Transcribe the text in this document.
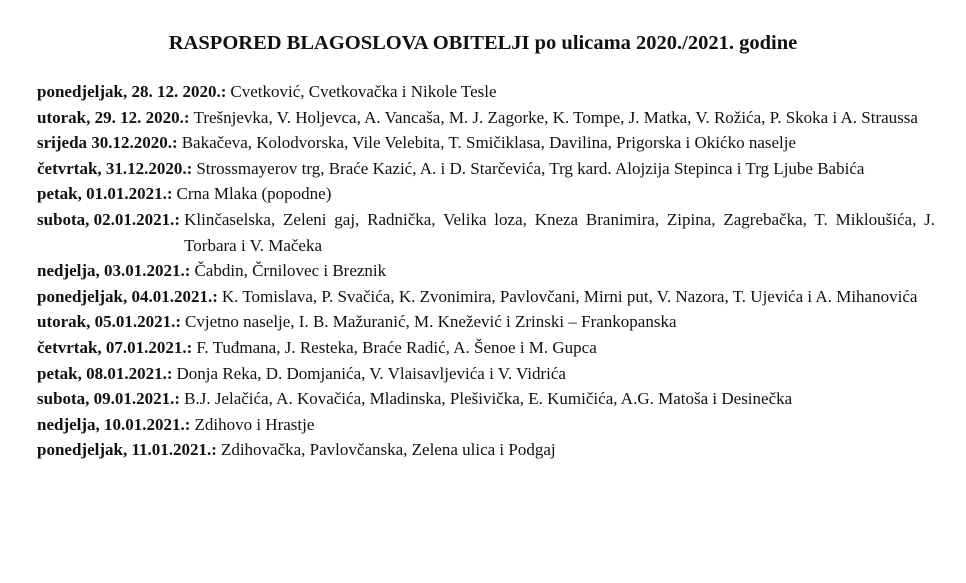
RASPORED BLAGOSLOVA OBITELJI po ulicama 2020./2021. godine
ponedjeljak, 28. 12. 2020.: Cvetković, Cvetkovačka i Nikole Tesle
utorak, 29. 12. 2020.: Trešnjevka, V. Holjevca, A. Vancaša, M. J. Zagorke, K. Tompe, J. Matka, V. Rožića, P. Skoka i A. Straussa
srijeda 30.12.2020.: Bakačeva, Kolodvorska, Vile Velebita, T. Smičiklasa, Davilina, Prigorska i Okićko naselje
četvrtak, 31.12.2020.: Strossmayerov trg, Braće Kazić, A. i D. Starčevića, Trg kard. Alojzija Stepinca i Trg Ljube Babića
petak, 01.01.2021.: Crna Mlaka (popodne)
subota, 02.01.2021.: Klinčaselska, Zeleni gaj, Radnička, Velika loza, Kneza Branimira, Zipina, Zagrebačka, T. Mikloušića, J. Torbara i V. Mačeka
nedjelja, 03.01.2021.: Čabdin, Črnilovec i Breznik
ponedjeljak, 04.01.2021.: K. Tomislava, P. Svačića, K. Zvonimira, Pavlovčani, Mirni put, V. Nazora, T. Ujevića i A. Mihanovića
utorak, 05.01.2021.: Cvjetno naselje, I. B. Mažuranić, M. Knežević i Zrinski – Frankopanska
četvrtak, 07.01.2021.: F. Tuđmana, J. Resteka, Braće Radić, A. Šenoe i M. Gupca
petak, 08.01.2021.: Donja Reka, D. Domjanića, V. Vlaisavljevića i V. Vidrića
subota, 09.01.2021.: B.J. Jelačića, A. Kovačića, Mladinska, Plešivička, E. Kumičića, A.G. Matoša i Desinečka
nedjelja, 10.01.2021.: Zdihovo i Hrastje
ponedjeljak, 11.01.2021.: Zdihovačka, Pavlovčanska, Zelena ulica i Podgaj
